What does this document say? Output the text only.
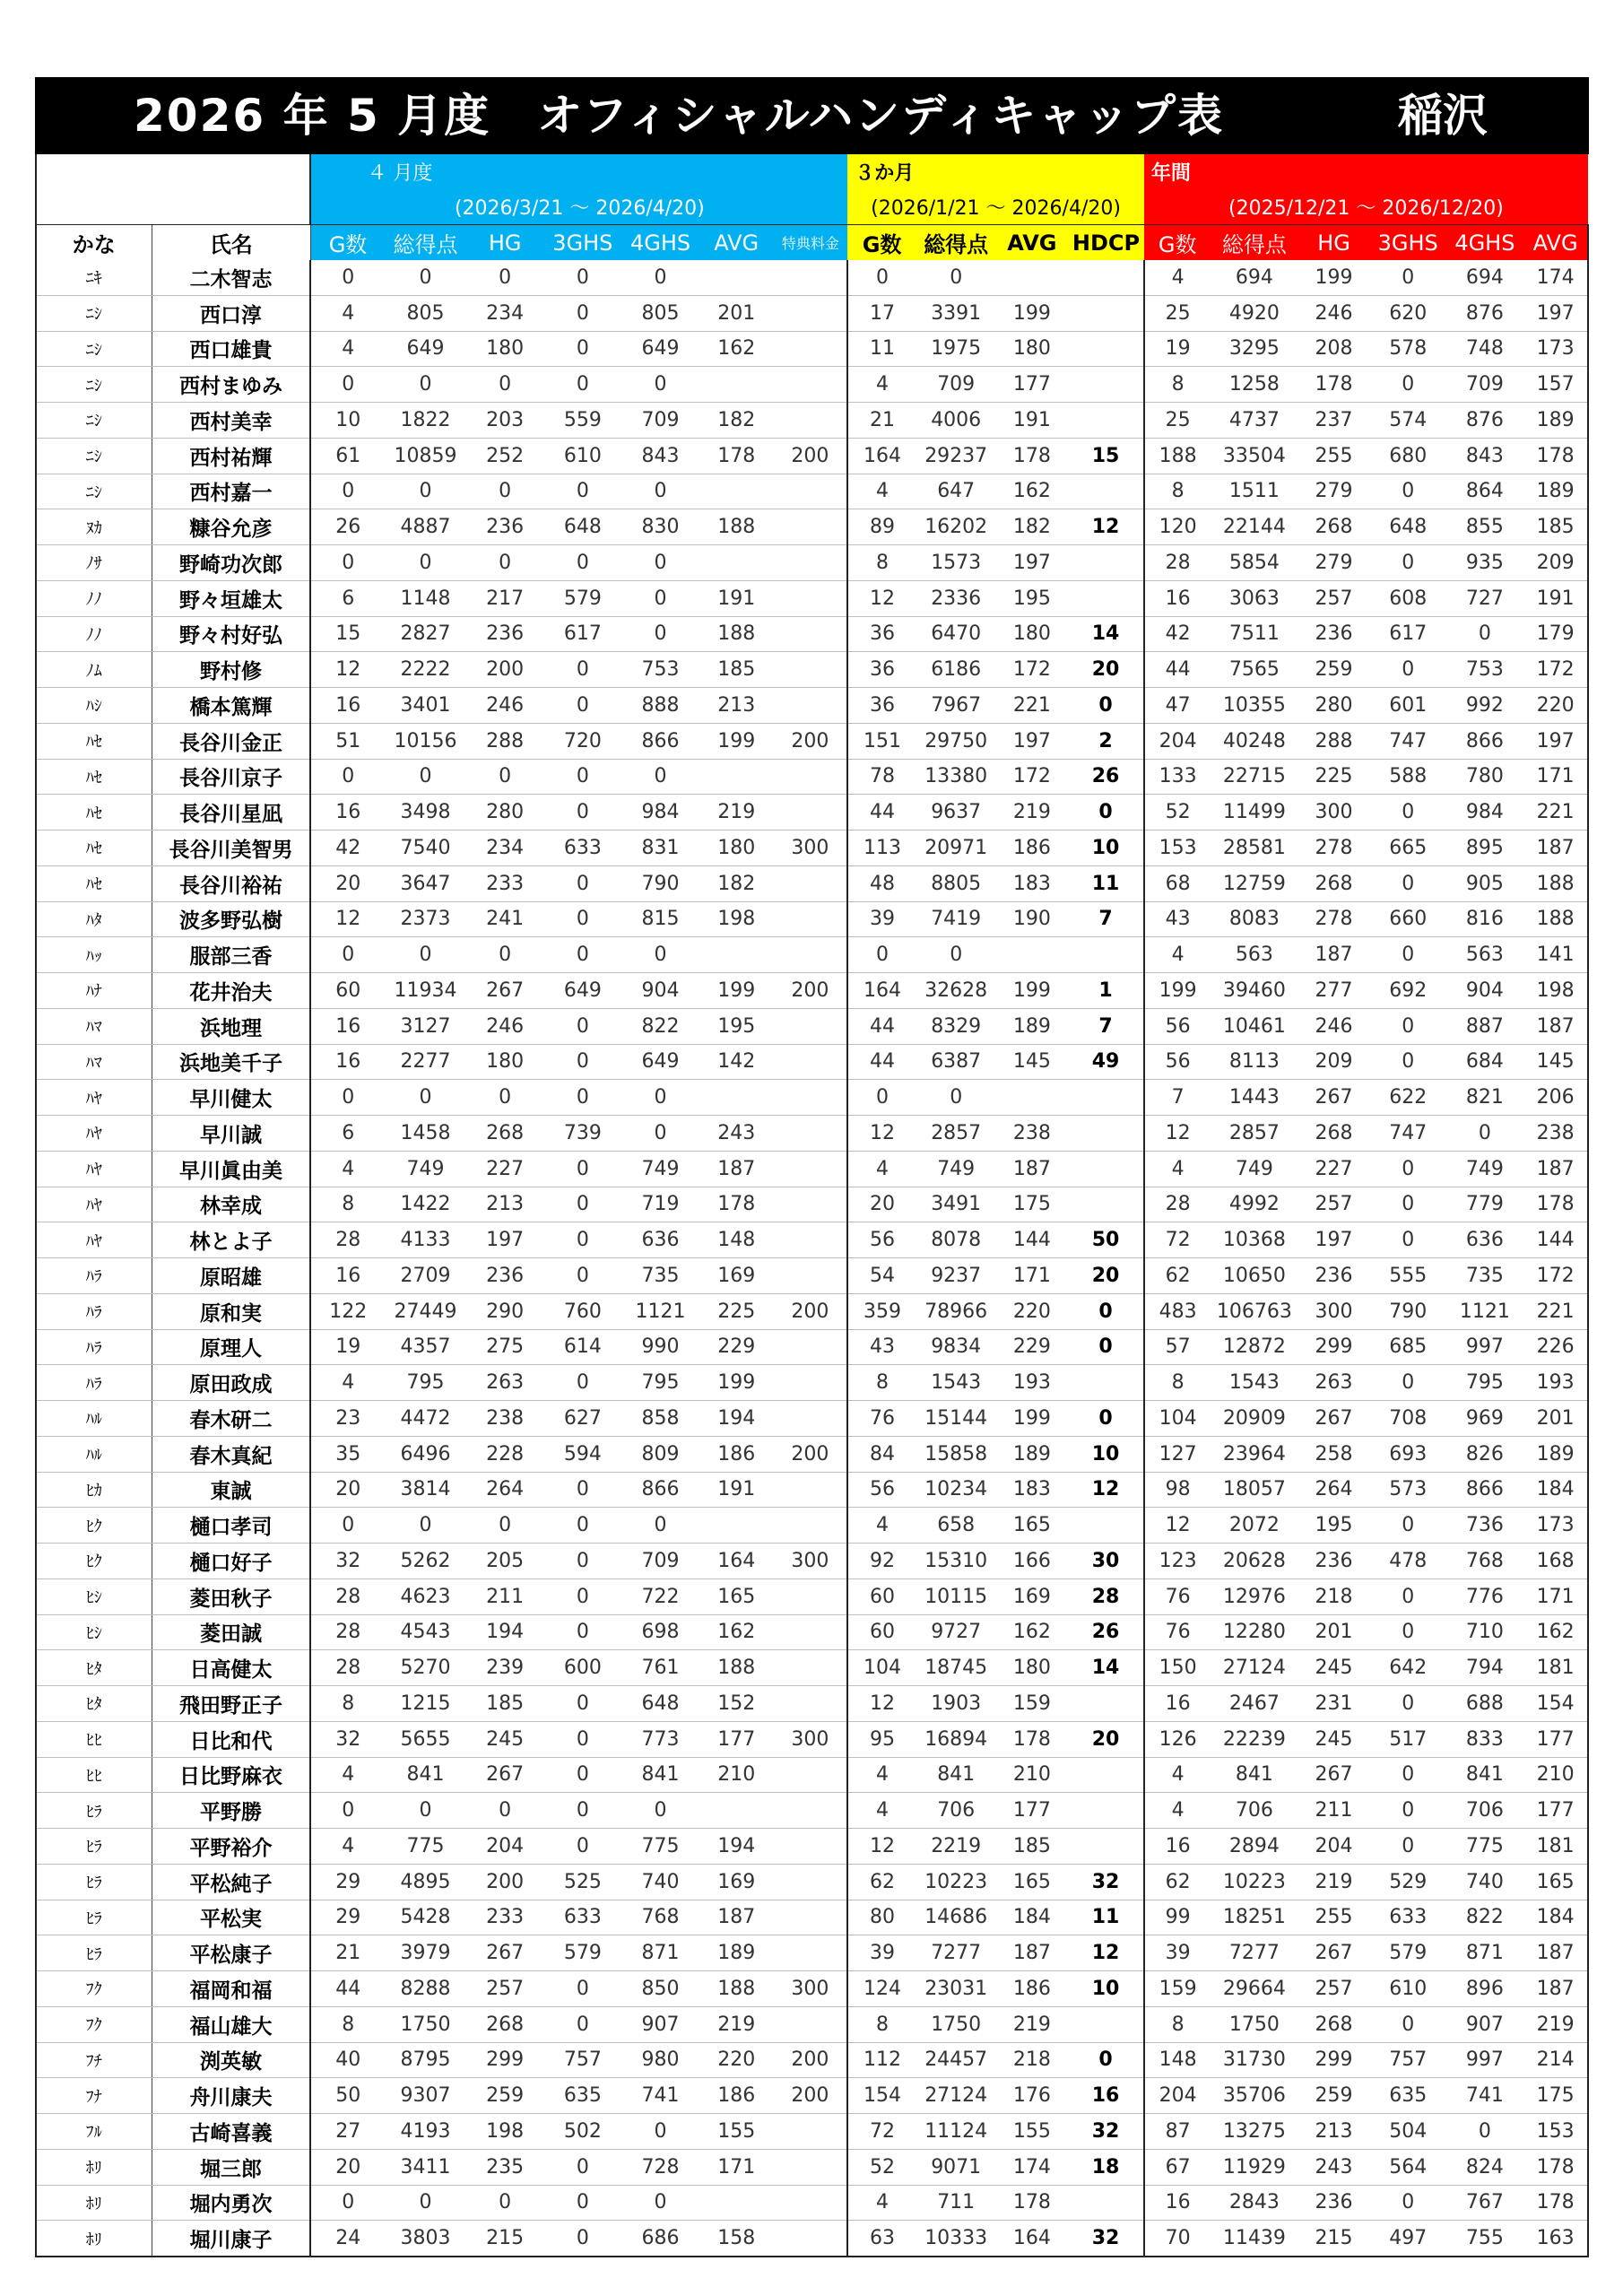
2026 年 5 月度　オフィシャルハンディキャップ表	稲沢
		４ 月度							３か月				年間					
		(2026/3/21 ～ 2026/4/20)							(2026/1/21 ～ 2026/4/20)				(2025/12/21 ～ 2026/12/20)					
かな	氏名	G数	総得点	HG	3GHS	4GHS	AVG	特典料金	G数	総得点	AVG	HDCP	G数	総得点	HG	3GHS	4GHS	AVG
ﾆｷ	二木智志	0	0	0	0	0			0	0			4	694	199	0	694	174
ﾆｼ	西口淳	4	805	234	0	805	201		17	3391	199		25	4920	246	620	876	197
ﾆｼ	西口雄貴	4	649	180	0	649	162		11	1975	180		19	3295	208	578	748	173
ﾆｼ	西村まゆみ	0	0	0	0	0			4	709	177		8	1258	178	0	709	157
ﾆｼ	西村美幸	10	1822	203	559	709	182		21	4006	191		25	4737	237	574	876	189
ﾆｼ	西村祐輝	61	10859	252	610	843	178	200	164	29237	178	15	188	33504	255	680	843	178
ﾆｼ	西村嘉一	0	0	0	0	0			4	647	162		8	1511	279	0	864	189
ﾇｶ	糠谷允彦	26	4887	236	648	830	188		89	16202	182	12	120	22144	268	648	855	185
ﾉｻ	野崎功次郎	0	0	0	0	0			8	1573	197		28	5854	279	0	935	209
ﾉﾉ	野々垣雄太	6	1148	217	579	0	191		12	2336	195		16	3063	257	608	727	191
ﾉﾉ	野々村好弘	15	2827	236	617	0	188		36	6470	180	14	42	7511	236	617	0	179
ﾉﾑ	野村修	12	2222	200	0	753	185		36	6186	172	20	44	7565	259	0	753	172
ﾊｼ	橋本篤輝	16	3401	246	0	888	213		36	7967	221	0	47	10355	280	601	992	220
ﾊｾ	長谷川金正	51	10156	288	720	866	199	200	151	29750	197	2	204	40248	288	747	866	197
ﾊｾ	長谷川京子	0	0	0	0	0			78	13380	172	26	133	22715	225	588	780	171
ﾊｾ	長谷川星凪	16	3498	280	0	984	219		44	9637	219	0	52	11499	300	0	984	221
ﾊｾ	長谷川美智男	42	7540	234	633	831	180	300	113	20971	186	10	153	28581	278	665	895	187
ﾊｾ	長谷川裕祐	20	3647	233	0	790	182		48	8805	183	11	68	12759	268	0	905	188
ﾊﾀ	波多野弘樹	12	2373	241	0	815	198		39	7419	190	7	43	8083	278	660	816	188
ﾊｯ	服部三香	0	0	0	0	0			0	0			4	563	187	0	563	141
ﾊﾅ	花井治夫	60	11934	267	649	904	199	200	164	32628	199	1	199	39460	277	692	904	198
ﾊﾏ	浜地理	16	3127	246	0	822	195		44	8329	189	7	56	10461	246	0	887	187
ﾊﾏ	浜地美千子	16	2277	180	0	649	142		44	6387	145	49	56	8113	209	0	684	145
ﾊﾔ	早川健太	0	0	0	0	0			0	0			7	1443	267	622	821	206
ﾊﾔ	早川誠	6	1458	268	739	0	243		12	2857	238		12	2857	268	747	0	238
ﾊﾔ	早川眞由美	4	749	227	0	749	187		4	749	187		4	749	227	0	749	187
ﾊﾔ	林幸成	8	1422	213	0	719	178		20	3491	175		28	4992	257	0	779	178
ﾊﾔ	林とよ子	28	4133	197	0	636	148		56	8078	144	50	72	10368	197	0	636	144
ﾊﾗ	原昭雄	16	2709	236	0	735	169		54	9237	171	20	62	10650	236	555	735	172
ﾊﾗ	原和実	122	27449	290	760	1121	225	200	359	78966	220	0	483	106763	300	790	1121	221
ﾊﾗ	原理人	19	4357	275	614	990	229		43	9834	229	0	57	12872	299	685	997	226
ﾊﾗ	原田政成	4	795	263	0	795	199		8	1543	193		8	1543	263	0	795	193
ﾊﾙ	春木研二	23	4472	238	627	858	194		76	15144	199	0	104	20909	267	708	969	201
ﾊﾙ	春木真紀	35	6496	228	594	809	186	200	84	15858	189	10	127	23964	258	693	826	189
ﾋｶ	東誠	20	3814	264	0	866	191		56	10234	183	12	98	18057	264	573	866	184
ﾋｸ	樋口孝司	0	0	0	0	0			4	658	165		12	2072	195	0	736	173
ﾋｸ	樋口好子	32	5262	205	0	709	164	300	92	15310	166	30	123	20628	236	478	768	168
ﾋｼ	菱田秋子	28	4623	211	0	722	165		60	10115	169	28	76	12976	218	0	776	171
ﾋｼ	菱田誠	28	4543	194	0	698	162		60	9727	162	26	76	12280	201	0	710	162
ﾋﾀ	日高健太	28	5270	239	600	761	188		104	18745	180	14	150	27124	245	642	794	181
ﾋﾀ	飛田野正子	8	1215	185	0	648	152		12	1903	159		16	2467	231	0	688	154
ﾋﾋ	日比和代	32	5655	245	0	773	177	300	95	16894	178	20	126	22239	245	517	833	177
ﾋﾋ	日比野麻衣	4	841	267	0	841	210		4	841	210		4	841	267	0	841	210
ﾋﾗ	平野勝	0	0	0	0	0			4	706	177		4	706	211	0	706	177
ﾋﾗ	平野裕介	4	775	204	0	775	194		12	2219	185		16	2894	204	0	775	181
ﾋﾗ	平松純子	29	4895	200	525	740	169		62	10223	165	32	62	10223	219	529	740	165
ﾋﾗ	平松実	29	5428	233	633	768	187		80	14686	184	11	99	18251	255	633	822	184
ﾋﾗ	平松康子	21	3979	267	579	871	189		39	7277	187	12	39	7277	267	579	871	187
ﾌｸ	福岡和福	44	8288	257	0	850	188	300	124	23031	186	10	159	29664	257	610	896	187
ﾌｸ	福山雄大	8	1750	268	0	907	219		8	1750	219		8	1750	268	0	907	219
ﾌﾁ	渕英敏	40	8795	299	757	980	220	200	112	24457	218	0	148	31730	299	757	997	214
ﾌﾅ	舟川康夫	50	9307	259	635	741	186	200	154	27124	176	16	204	35706	259	635	741	175
ﾌﾙ	古崎喜義	27	4193	198	502	0	155		72	11124	155	32	87	13275	213	504	0	153
ﾎﾘ	堀三郎	20	3411	235	0	728	171		52	9071	174	18	67	11929	243	564	824	178
ﾎﾘ	堀内勇次	0	0	0	0	0			4	711	178		16	2843	236	0	767	178
ﾎﾘ	堀川康子	24	3803	215	0	686	158		63	10333	164	32	70	11439	215	497	755	163
